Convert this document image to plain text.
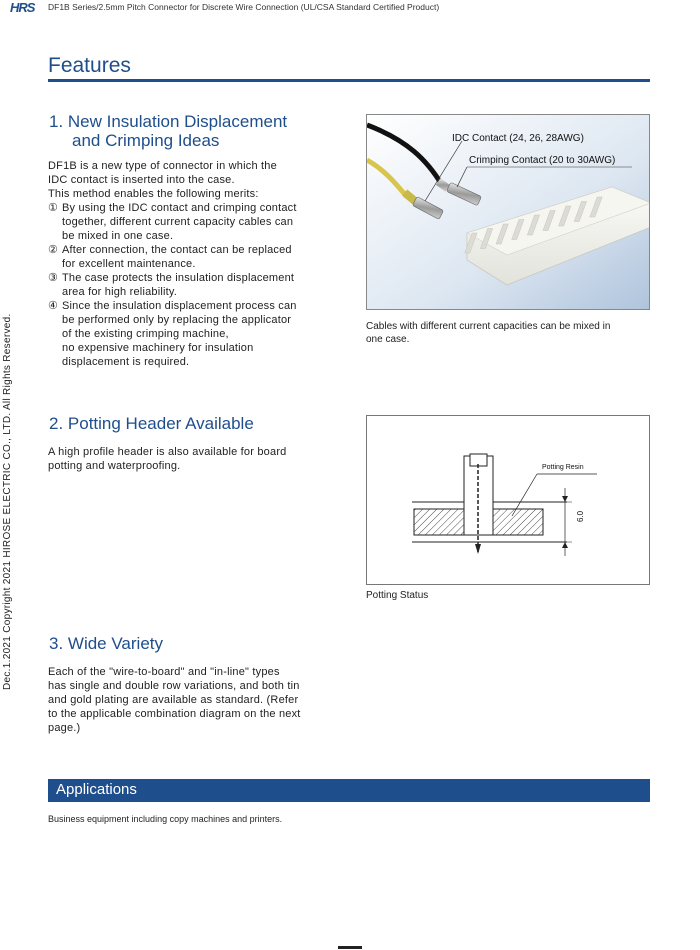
HRS DF1B Series/2.5mm Pitch Connector for Discrete Wire Connection (UL/CSA Standard Certified Product)
Features
Dec.1.2021 Copyright 2021 HIROSE ELECTRIC CO., LTD. All Rights Reserved.
1. New Insulation Displacement
and Crimping Ideas

DF1B is a new type of connector in which the

IDC contact is inserted into the case.

This method enables the following merits:

① By using the IDC contact and crimping contact
together, different current capacity cables can
be mixed in one case.
② After connection, the contact can be replaced
for excellent maintenance.
③ The case protects the insulation displacement
area for high reliability.
④ Since the insulation displacement process can
be performed only by replacing the applicator
of the existing crimping machine,
no expensive machinery for insulation
displacement is required.
IDC Contact (24, 26, 28AWG)
Crimping Contact (20 to 30AWG)
Cables with different current capacities can be mixed in
one case.
2. Potting Header Available

A high profile header is also available for board

potting and waterproofing.	Potting Resin
6.0
Potting Status
3. Wide Variety

Each of the "wire-to-board" and "in-line" types

has single and double row variations, and both tin

and gold plating are available as standard. (Refer

to the applicable combination diagram on the next

page.)

Applications
Business equipment including copy machines and printers.
